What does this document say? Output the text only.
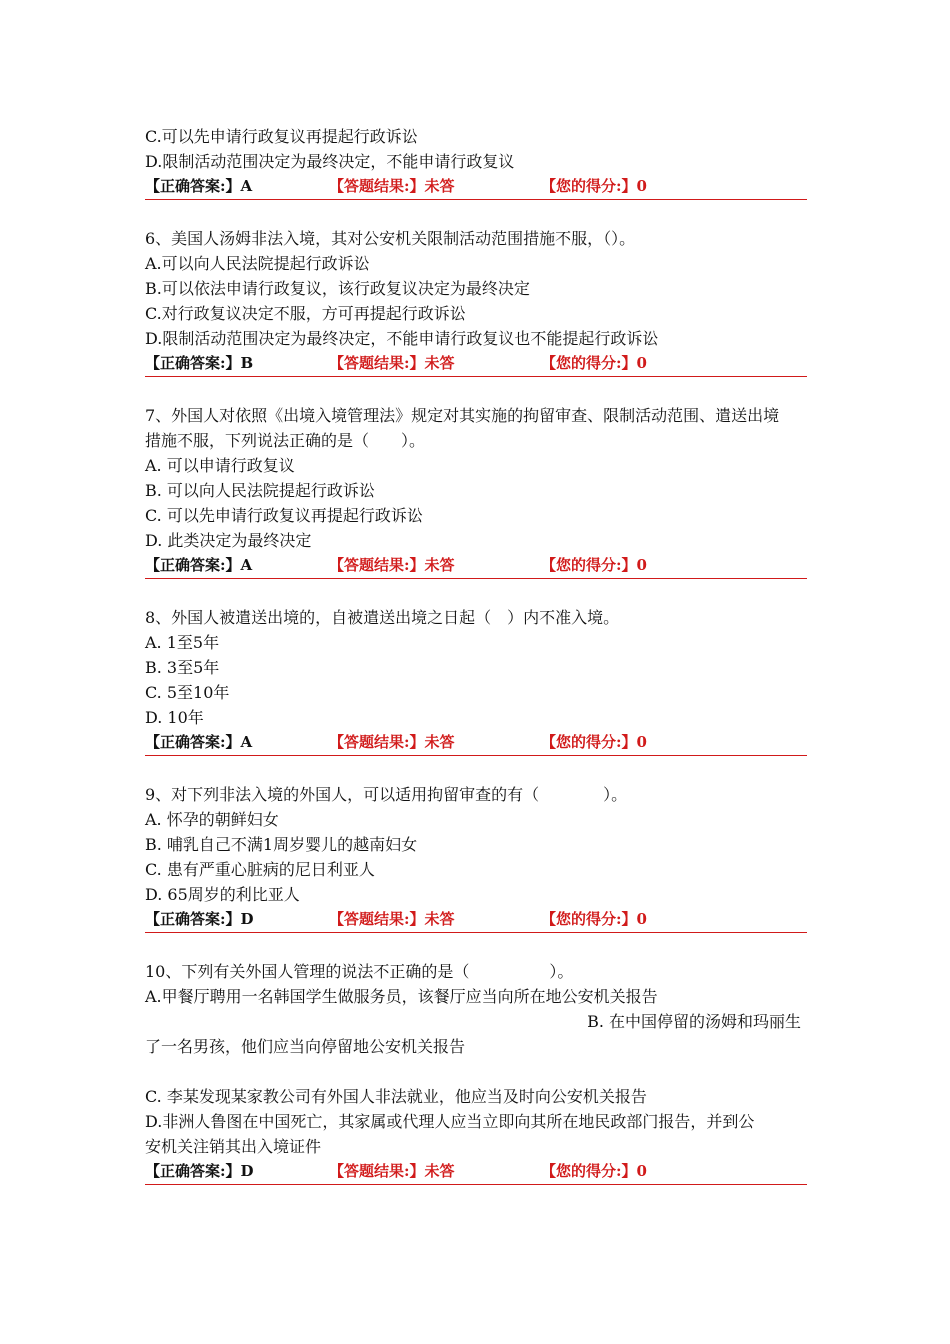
C.可以先申请行政复议再提起行政诉讼
D.限制活动范围决定为最终决定，不能申请行政复议
【正确答案:】A	【答题结果:】未答	【您的得分:】0
6、美国人汤姆非法入境，其对公安机关限制活动范围措施不服，（）。
A.可以向人民法院提起行政诉讼
B.可以依法申请行政复议，该行政复议决定为最终决定
C.对行政复议决定不服，方可再提起行政诉讼
D.限制活动范围决定为最终决定，不能申请行政复议也不能提起行政诉讼
【正确答案:】B	【答题结果:】未答	【您的得分:】0
7、外国人对依照《出境入境管理法》规定对其实施的拘留审查、限制活动范围、遣送出境
措施不服，下列说法正确的是（　　）。
A. 可以申请行政复议
B. 可以向人民法院提起行政诉讼
C. 可以先申请行政复议再提起行政诉讼
D. 此类决定为最终决定
【正确答案:】A	【答题结果:】未答	【您的得分:】0
8、外国人被遣送出境的，自被遣送出境之日起（　）内不准入境。
A. 1至5年
B. 3至5年
C. 5至10年
D. 10年
【正确答案:】A	【答题结果:】未答	【您的得分:】0
9、对下列非法入境的外国人，可以适用拘留审查的有（　　　　）。
A. 怀孕的朝鲜妇女
B. 哺乳自己不满1周岁婴儿的越南妇女
C. 患有严重心脏病的尼日利亚人
D. 65周岁的利比亚人
【正确答案:】D	【答题结果:】未答	【您的得分:】0
10、下列有关外国人管理的说法不正确的是（　　　　　）。
A.甲餐厅聘用一名韩国学生做服务员，该餐厅应当向所在地公安机关报告
B. 在中国停留的汤姆和玛丽生
了一名男孩，他们应当向停留地公安机关报告
C. 李某发现某家教公司有外国人非法就业，他应当及时向公安机关报告
D.非洲人鲁图在中国死亡，其家属或代理人应当立即向其所在地民政部门报告，并到公
安机关注销其出入境证件
【正确答案:】D	【答题结果:】未答	【您的得分:】0
